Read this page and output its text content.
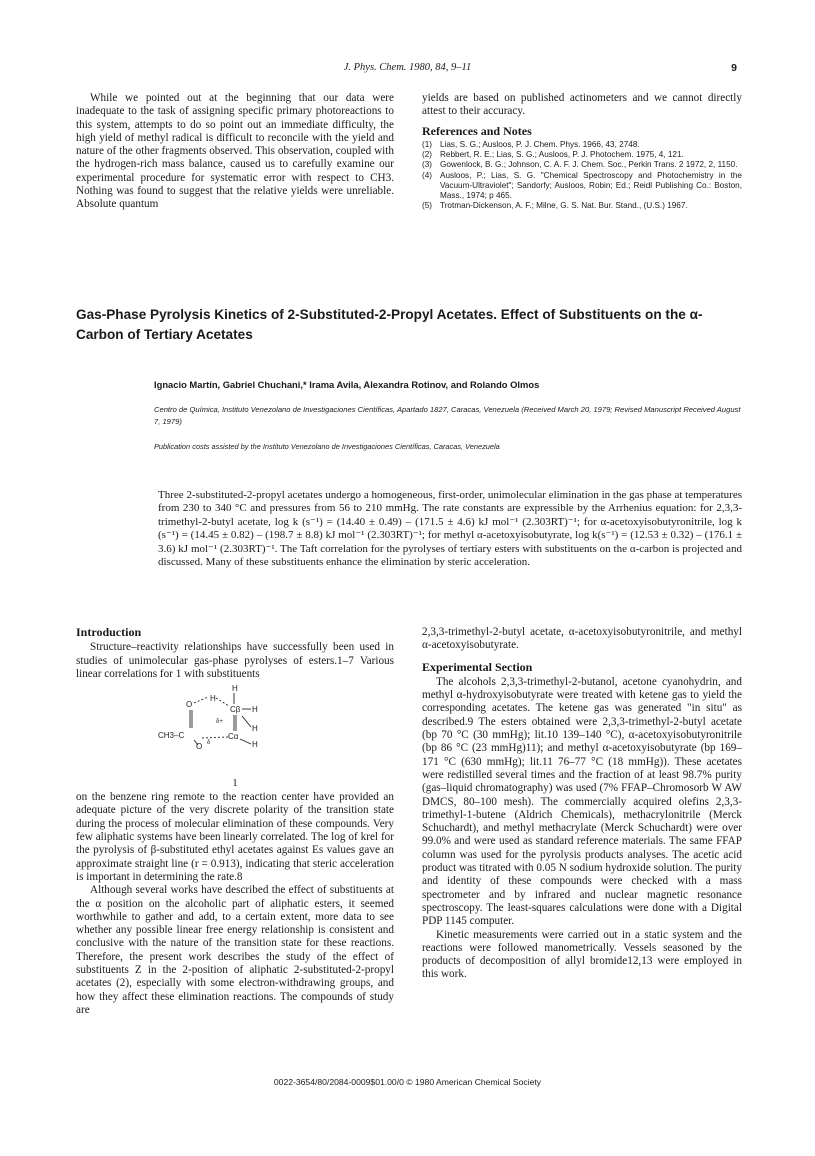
J. Phys. Chem. 1980, 84, 9–11	9

While we pointed out at the beginning that our data were inadequate to the task of assigning specific primary photoreactions to this system, attempts to do so point out an immediate difficulty, the high yield of methyl radical is difficult to reconcile with the yield and nature of the other fragments observed. This observation, coupled with the hydrogen-rich mass balance, caused us to carefully examine our experimental procedure for systematic error with respect to CH3. Nothing was found to suggest that the relative yields were unreliable. Absolute quantum

yields are based on published actinometers and we cannot directly attest to their accuracy.

References and Notes
(1) Lias, S. G.; Ausloos, P. J. Chem. Phys. 1966, 43, 2748.
(2) Rebbert, R. E.; Lias, S. G.; Ausloos, P. J. Photochem. 1975, 4, 121.
(3) Gowenlock, B. G.; Johnson, C. A. F. J. Chem. Soc., Perkin Trans. 2 1972, 2, 1150.
(4) Ausloos, P.; Lias, S. G. "Chemical Spectroscopy and Photochemistry in the Vacuum-Ultraviolet"; Sandorfy; Ausloos, Robin; Ed.; Reidl Publishing Co.: Boston, Mass., 1974; p 465.
(5) Trotman-Dickenson, A. F.; Milne, G. S. Nat. Bur. Stand., (U.S.) 1967.
Gas-Phase Pyrolysis Kinetics of 2-Substituted-2-Propyl Acetates. Effect of Substituents on the α-Carbon of Tertiary Acetates
Ignacio Martín, Gabriel Chuchani,* Irama Avila, Alexandra Rotinov, and Rolando Olmos
Centro de Química, Instituto Venezolano de Investigaciones Científicas, Apartado 1827, Caracas, Venezuela (Received March 20, 1979; Revised Manuscript Received August 7, 1979)
Publication costs assisted by the Instituto Venezolano de Investigaciones Científicas, Caracas, Venezuela
Three 2-substituted-2-propyl acetates undergo a homogeneous, first-order, unimolecular elimination in the gas phase at temperatures from 230 to 340 °C and pressures from 56 to 210 mmHg. The rate constants are expressible by the Arrhenius equation: for 2,3,3-trimethyl-2-butyl acetate, log k (s⁻¹) = (14.40 ± 0.49) – (171.5 ± 4.6) kJ mol⁻¹ (2.303RT)⁻¹; for α-acetoxyisobutyronitrile, log k (s⁻¹) = (14.45 ± 0.82) – (198.7 ± 8.8) kJ mol⁻¹ (2.303RT)⁻¹; for methyl α-acetoxyisobutyrate, log k(s⁻¹) = (12.53 ± 0.32) – (176.1 ± 3.6) kJ mol⁻¹ (2.303RT)⁻¹. The Taft correlation for the pyrolyses of tertiary esters with substituents on the α-carbon is projected and discussed. Many of these substituents enhance the elimination by steric acceleration.
Introduction

Structure–reactivity relationships have successfully been used in studies of unimolecular gas-phase pyrolyses of esters.1–7 Various linear correlations for 1 with substituents

O
H
H
Cβ H
H
CH3–C	Cα
H
O
δ+
δ
1

on the benzene ring remote to the reaction center have provided an adequate picture of the very discrete polarity of the transition state during the process of molecular elimination of these compounds. Very few aliphatic systems have been linearly correlated. The log of krel for the pyrolysis of β-substituted ethyl acetates against Es values gave an approximate straight line (r = 0.913), indicating that steric acceleration is important in determining the rate.8

Although several works have described the effect of substituents at the α position on the alcoholic part of aliphatic esters, it seemed worthwhile to gather and add, to a certain extent, more data to see whether any possible linear free energy relationship is consistent and conclusive with the nature of the transition state for these reactions. Therefore, the present work describes the study of the effect of substituents Z in the 2-position of aliphatic 2-substituted-2-propyl acetates (2), especially with some electron-withdrawing groups, and how they affect these elimination reactions. The compounds of study are

2,3,3-trimethyl-2-butyl acetate, α-acetoxyisobutyronitrile, and methyl α-acetoxyisobutyrate.

Experimental Section

The alcohols 2,3,3-trimethyl-2-butanol, acetone cyanohydrin, and methyl α-hydroxyisobutyrate were treated with ketene gas to yield the corresponding acetates. The ketene gas was generated "in situ" as described.9 The esters obtained were 2,3,3-trimethyl-2-butyl acetate (bp 70 °C (30 mmHg); lit.10 139–140 °C), α-acetoxyisobutyronitrile (bp 86 °C (23 mmHg)11); and methyl α-acetoxyisobutyrate (bp 169–171 °C (630 mmHg); lit.11 76–77 °C (18 mmHg)). These acetates were redistilled several times and the fraction of at least 98.7% purity (gas–liquid chromatography) was used (7% FFAP–Chromosorb W AW DMCS, 80–100 mesh). The commercially acquired olefins 2,3,3-trimethyl-1-butene (Aldrich Chemicals), methacrylonitrile (Merck Schuchardt), and methyl methacrylate (Merck Schuchardt) were over 99.0% and were used as standard reference materials. The same FFAP column was used for the pyrolysis products analyses. The acetic acid product was titrated with 0.05 N sodium hydroxide solution. The purity and identity of these compounds were checked with a mass spectrometer and by infrared and nuclear magnetic resonance spectroscopy. The least-squares calculations were done with a Digital PDP 1145 computer.

Kinetic measurements were carried out in a static system and the reactions were followed manometrically. Vessels seasoned by the products of decomposition of allyl bromide12,13 were employed in this work.

0022-3654/80/2084-0009$01.00/0 © 1980 American Chemical Society
